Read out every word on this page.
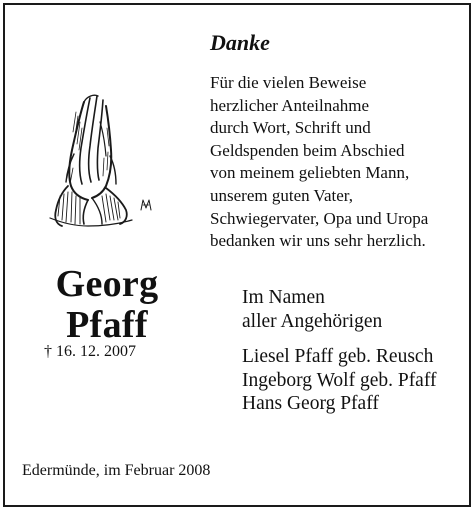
Danke
Für die vielen Beweise
herzlicher Anteilnahme
durch Wort, Schrift und
Geldspenden beim Abschied
von meinem geliebten Mann,
unserem guten Vater,
Schwiegervater, Opa und Uropa
bedanken wir uns sehr herzlich.
Georg
Pfaff
† 16. 12. 2007
Im Namen
aller Angehörigen
Liesel Pfaff geb. Reusch
Ingeborg Wolf geb. Pfaff
Hans Georg Pfaff
Edermünde, im Februar 2008
